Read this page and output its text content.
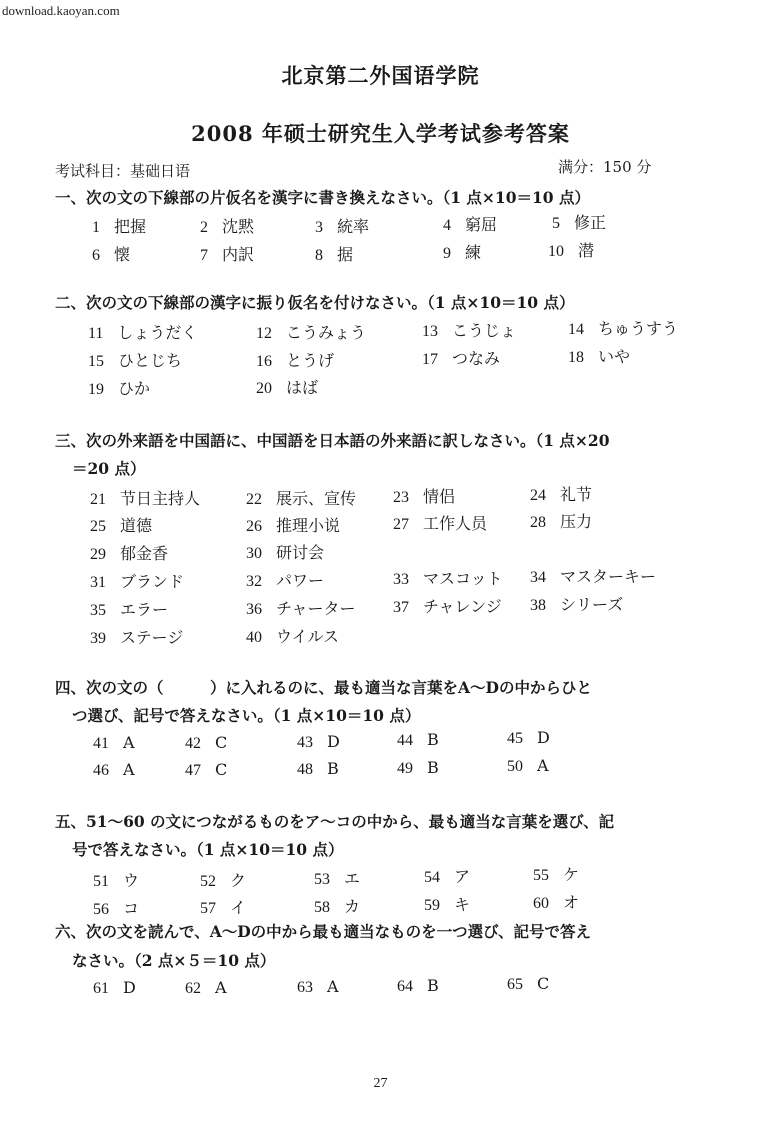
download.kaoyan.com
北京第二外国语学院
2008 年硕士研究生入学考试参考答案
考试科目：基础日语	满分：150 分
一、次の文の下線部の片仮名を漢字に書き換えなさい。（1 点×10＝10 点）
1 把握	2 沈黙	3 統率	4 窮屈	5 修正
6 懐	7 内訳	8 据	9 練	10 潜
二、次の文の下線部の漢字に振り仮名を付けなさい。（1 点×10＝10 点）
11 しょうだく	12 こうみょう	13 こうじょ	14 ちゅうすう
15 ひとじち	16 とうげ	17 つなみ	18 いや
19 ひか	20 はば
三、次の外来語を中国語に、中国語を日本語の外来語に訳しなさい。（1 点×20
＝20 点）
21 节日主持人	22 展示、宣传 23 情侣	24 礼节
25 道德	26 推理小说	27 工作人员	28 压力
29 郁金香	30 研讨会
31 ブランド	32 パワー	33 マスコット 34 マスターキー
35 エラー	36 チャーター 37 チャレンジ 38 シリーズ
39 ステージ	40 ウイルス
四、次の文の（　　　）に入れるのに、最も適当な言葉をA～Dの中からひと
つ選び、記号で答えなさい。（1 点×10＝10 点）
41 A	42 C	43 D	44 B	45 D
46 A	47 C	48 B	49 B	50 A
五、51～60 の文につながるものをア～コの中から、最も適当な言葉を選び、記
号で答えなさい。（1 点×10＝10 点）
51 ウ	52 ク	53 エ	54 ア	55 ケ
56 コ	57 イ	58 カ	59 キ	60 オ
六、次の文を読んで、A～Dの中から最も適当なものを一つ選び、記号で答え
なさい。（2 点×５＝10 点）
61 D	62 A	63 A	64 B	65 C
27
